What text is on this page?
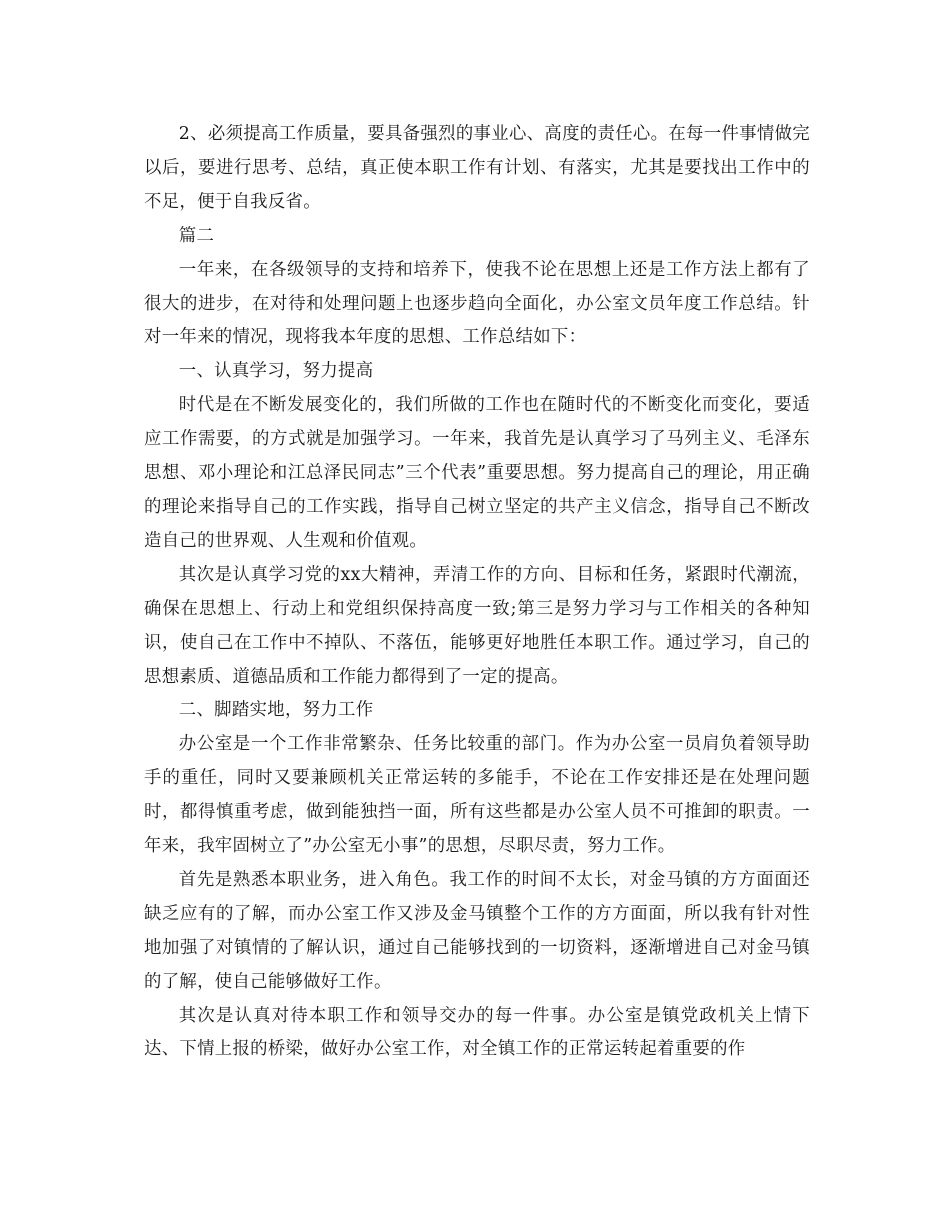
2、必须提高工作质量，要具备强烈的事业心、高度的责任心。在每一件事情做完以后，要进行思考、总结，真正使本职工作有计划、有落实，尤其是要找出工作中的不足，便于自我反省。

篇二

一年来，在各级领导的支持和培养下，使我不论在思想上还是工作方法上都有了很大的进步，在对待和处理问题上也逐步趋向全面化，办公室文员年度工作总结。针对一年来的情况，现将我本年度的思想、工作总结如下：

一、认真学习，努力提高

时代是在不断发展变化的，我们所做的工作也在随时代的不断变化而变化，要适应工作需要，的方式就是加强学习。一年来，我首先是认真学习了马列主义、毛泽东思想、邓小理论和江总泽民同志”三个代表”重要思想。努力提高自己的理论，用正确的理论来指导自己的工作实践，指导自己树立坚定的共产主义信念，指导自己不断改造自己的世界观、人生观和价值观。

其次是认真学习党的xx大精神，弄清工作的方向、目标和任务，紧跟时代潮流，确保在思想上、行动上和党组织保持高度一致;第三是努力学习与工作相关的各种知识，使自己在工作中不掉队、不落伍，能够更好地胜任本职工作。通过学习，自己的思想素质、道德品质和工作能力都得到了一定的提高。

二、脚踏实地，努力工作

办公室是一个工作非常繁杂、任务比较重的部门。作为办公室一员肩负着领导助手的重任，同时又要兼顾机关正常运转的多能手，不论在工作安排还是在处理问题时，都得慎重考虑，做到能独挡一面，所有这些都是办公室人员不可推卸的职责。一年来，我牢固树立了”办公室无小事”的思想，尽职尽责，努力工作。

首先是熟悉本职业务，进入角色。我工作的时间不太长，对金马镇的方方面面还缺乏应有的了解，而办公室工作又涉及金马镇整个工作的方方面面，所以我有针对性地加强了对镇情的了解认识，通过自己能够找到的一切资料，逐渐增进自己对金马镇的了解，使自己能够做好工作。

其次是认真对待本职工作和领导交办的每一件事。办公室是镇党政机关上情下达、下情上报的桥梁，做好办公室工作，对全镇工作的正常运转起着重要的作
